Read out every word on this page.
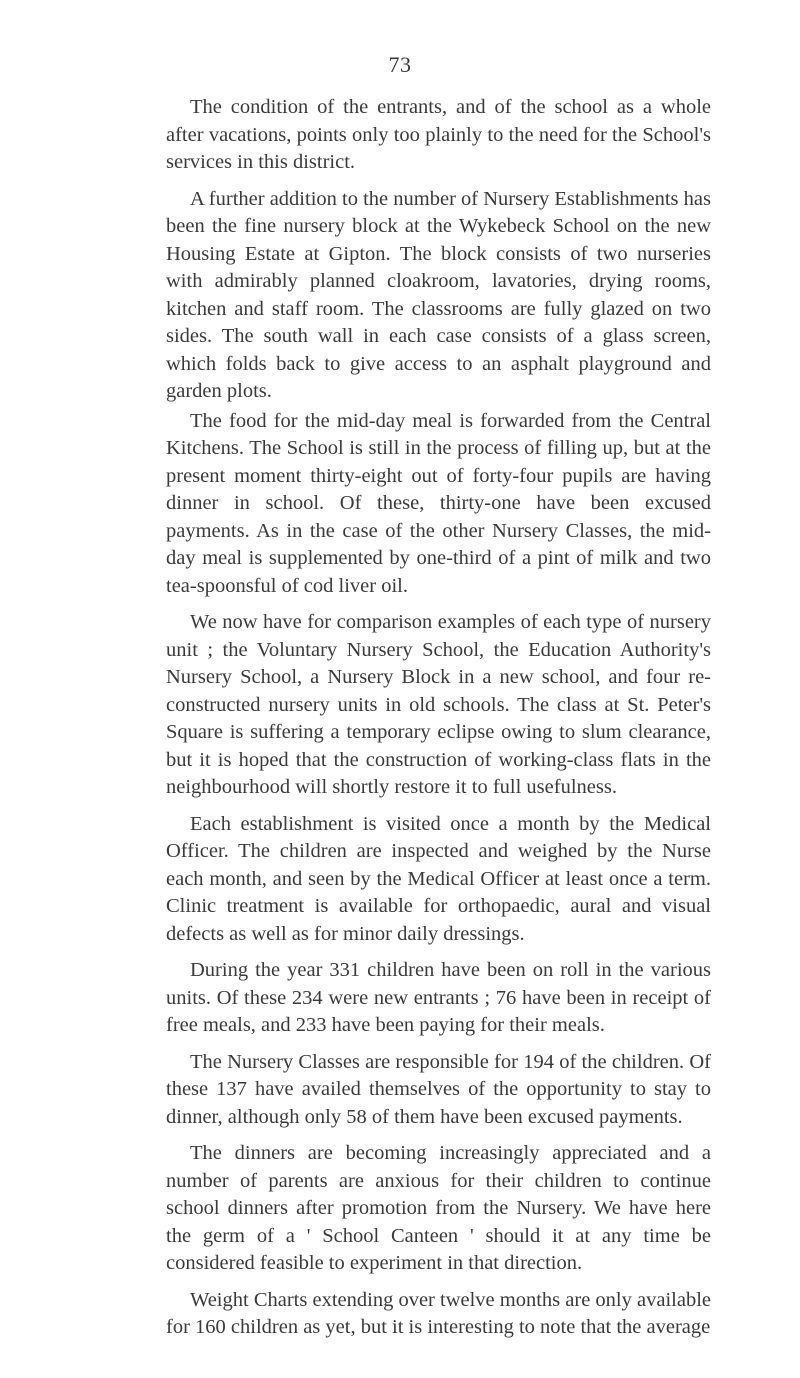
73

The condition of the entrants, and of the school as a whole after vacations, points only too plainly to the need for the School's services in this district.

A further addition to the number of Nursery Establishments has been the fine nursery block at the Wykebeck School on the new Housing Estate at Gipton. The block consists of two nurseries with admirably planned cloakroom, lavatories, drying rooms, kitchen and staff room. The classrooms are fully glazed on two sides. The south wall in each case consists of a glass screen, which folds back to give access to an asphalt playground and garden plots.

The food for the mid-day meal is forwarded from the Central Kitchens. The School is still in the process of filling up, but at the present moment thirty-eight out of forty-four pupils are having dinner in school. Of these, thirty-one have been excused payments. As in the case of the other Nursery Classes, the mid-day meal is supplemented by one-third of a pint of milk and two tea-spoonsful of cod liver oil.

We now have for comparison examples of each type of nursery unit ; the Voluntary Nursery School, the Education Authority's Nursery School, a Nursery Block in a new school, and four re-constructed nursery units in old schools. The class at St. Peter's Square is suffering a temporary eclipse owing to slum clearance, but it is hoped that the construction of working-class flats in the neighbourhood will shortly restore it to full usefulness.

Each establishment is visited once a month by the Medical Officer. The children are inspected and weighed by the Nurse each month, and seen by the Medical Officer at least once a term. Clinic treatment is available for orthopaedic, aural and visual defects as well as for minor daily dressings.

During the year 331 children have been on roll in the various units. Of these 234 were new entrants ; 76 have been in receipt of free meals, and 233 have been paying for their meals.

The Nursery Classes are responsible for 194 of the children. Of these 137 have availed themselves of the opportunity to stay to dinner, although only 58 of them have been excused payments.

The dinners are becoming increasingly appreciated and a number of parents are anxious for their children to continue school dinners after promotion from the Nursery. We have here the germ of a ' School Canteen ' should it at any time be considered feasible to experiment in that direction.

Weight Charts extending over twelve months are only available for 160 children as yet, but it is interesting to note that the average
